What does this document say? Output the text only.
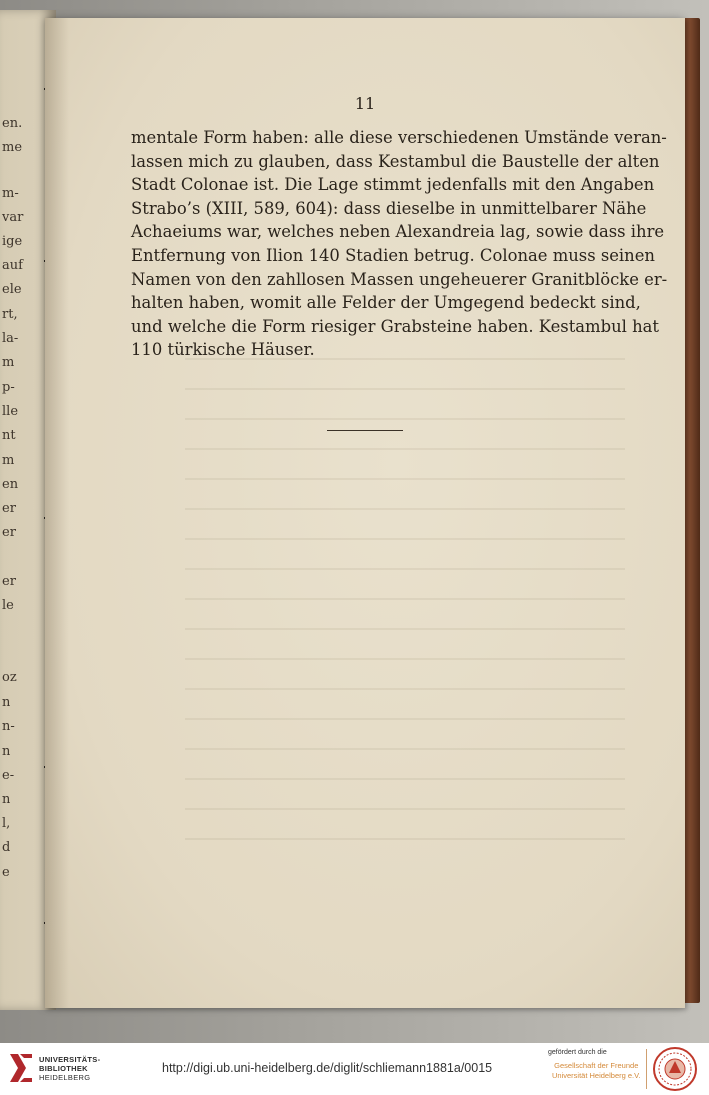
en.
me
m-
var
ige
auf
ele
rt,
la-
m
p-
lle
nt
m
en
er
er
er
le
oz
n
n-
n
e-
n
l,
d
e
11
mentale Form haben: alle diese verschiedenen Umstände veran-
lassen mich zu glauben, dass Kestambul die Baustelle der alten
Stadt Colonae ist. Die Lage stimmt jedenfalls mit den Angaben
Strabo’s (XIII, 589, 604): dass dieselbe in unmittelbarer Nähe
Achaeiums war, welches neben Alexandreia lag, sowie dass ihre
Entfernung von Ilion 140 Stadien betrug. Colonae muss seinen
Namen von den zahllosen Massen ungeheuerer Granitblöcke er-
halten haben, womit alle Felder der Umgegend bedeckt sind,
und welche die Form riesiger Grabsteine haben. Kestambul hat
110 türkische Häuser.
UNIVERSITÄTS-
BIBLIOTHEK
HEIDELBERG
http://digi.ub.uni-heidelberg.de/diglit/schliemann1881a/0015
gefördert durch die
Gesellschaft der Freunde
Universität Heidelberg e.V.
